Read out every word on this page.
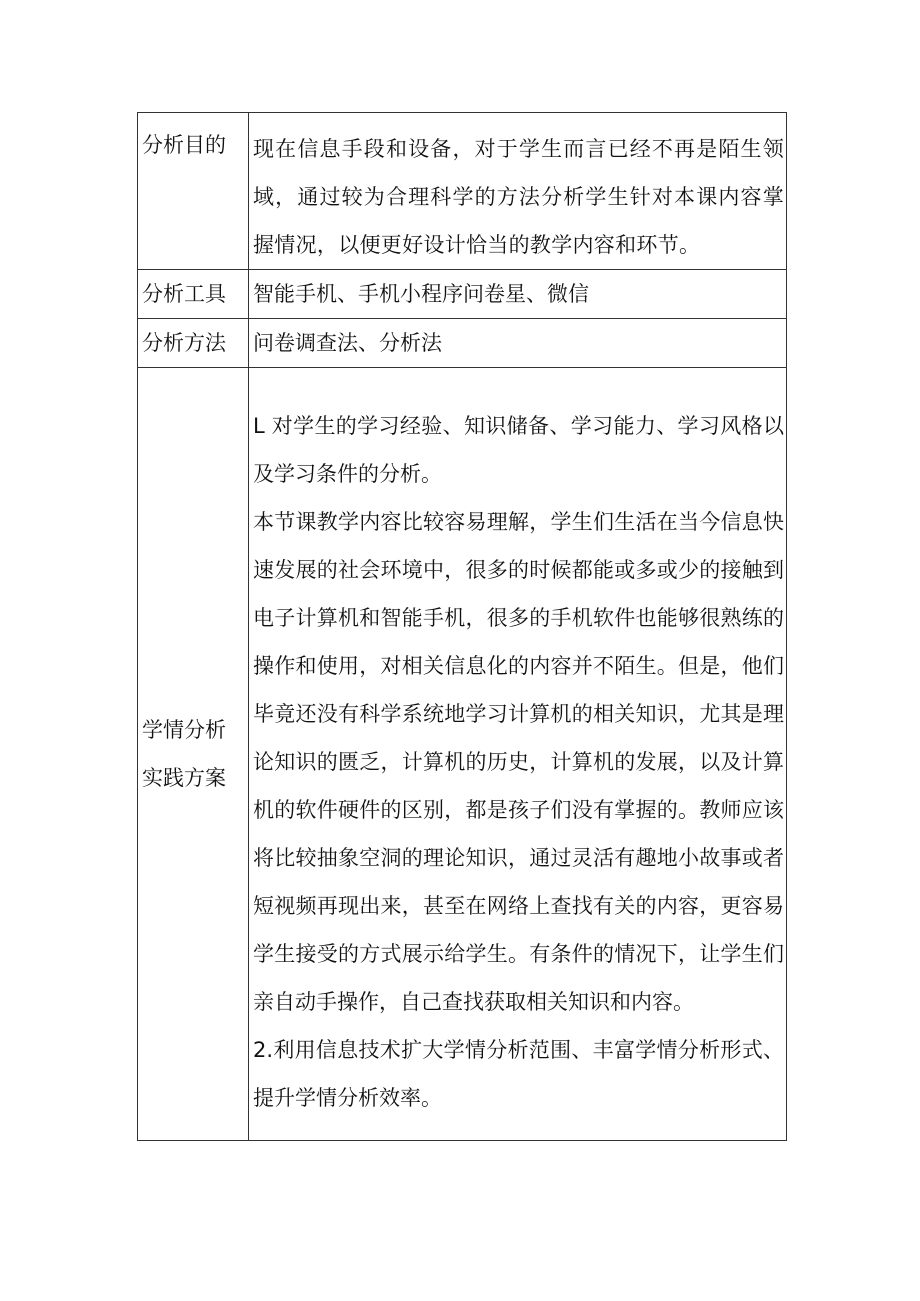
分析目的	现在信息手段和设备，对于学生而言已经不再是陌生领域，通过较为合理科学的方法分析学生针对本课内容掌握情况，以便更好设计恰当的教学内容和环节。

分析工具	智能手机、手机小程序问卷星、微信

分析方法	问卷调查法、分析法

学情分析
实践方案	L 对学生的学习经验、知识储备、学习能力、学习风格以及学习条件的分析。
本节课教学内容比较容易理解，学生们生活在当今信息快速发展的社会环境中，很多的时候都能或多或少的接触到电子计算机和智能手机，很多的手机软件也能够很熟练的操作和使用，对相关信息化的内容并不陌生。但是，他们毕竟还没有科学系统地学习计算机的相关知识，尤其是理论知识的匮乏，计算机的历史，计算机的发展，以及计算机的软件硬件的区别，都是孩子们没有掌握的。教师应该将比较抽象空洞的理论知识，通过灵活有趣地小故事或者短视频再现出来，甚至在网络上查找有关的内容，更容易学生接受的方式展示给学生。有条件的情况下，让学生们亲自动手操作，自己查找获取相关知识和内容。
2.利用信息技术扩大学情分析范围、丰富学情分析形式、提升学情分析效率。
